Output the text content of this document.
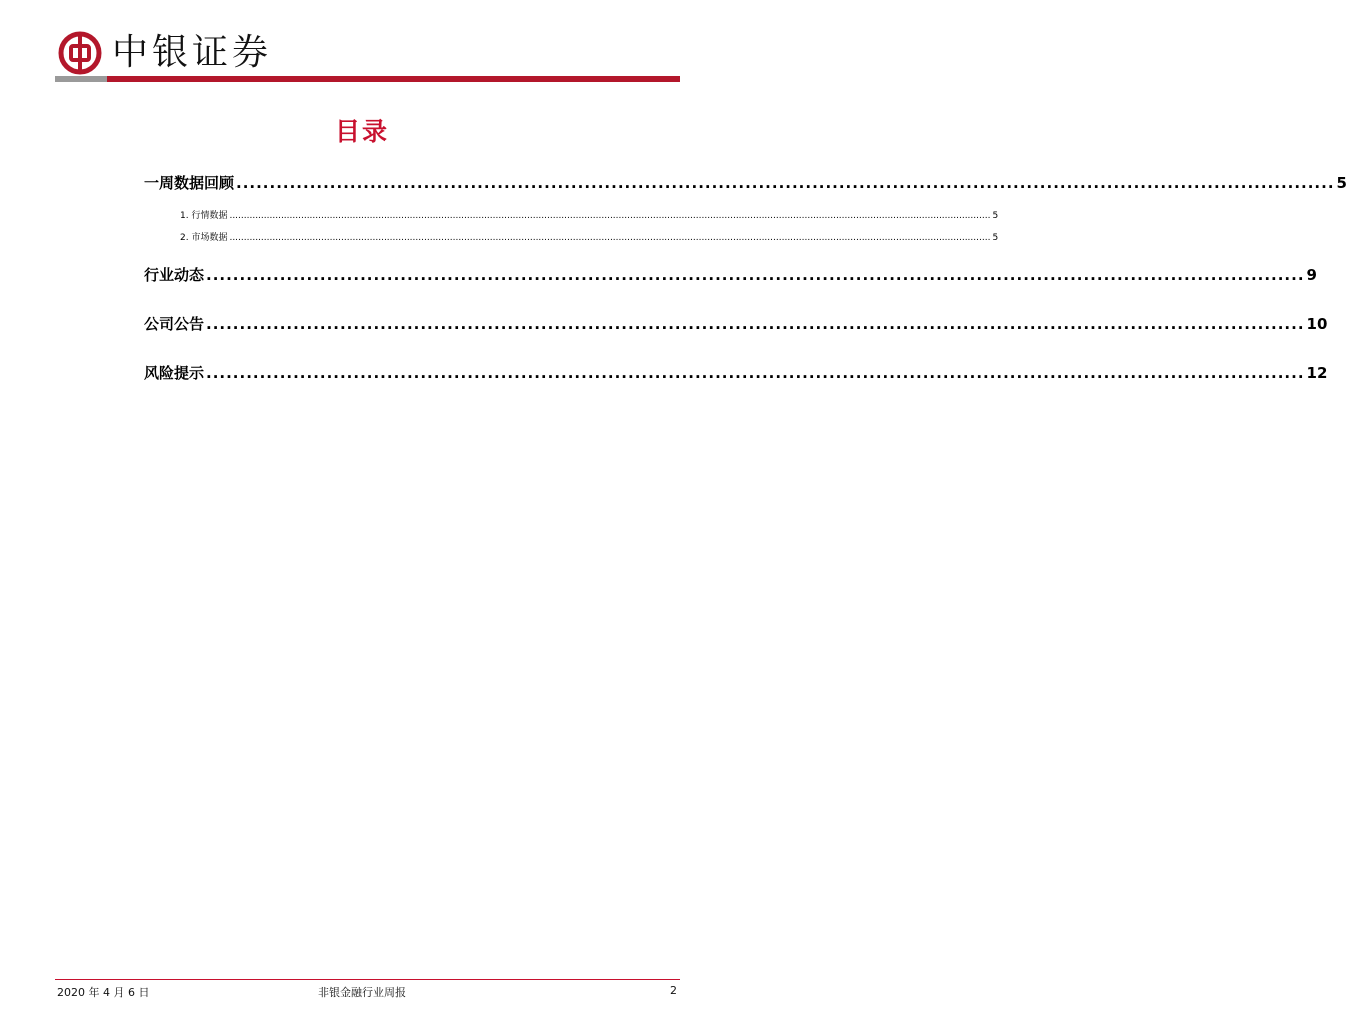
中银证券
目录
一周数据回顾 .................................................................................................................................................................... 5
1. 行情数据 .......................................................................................................................................................................................................................................................................... 5
2. 市场数据 .......................................................................................................................................................................................................................................................................... 5
行业动态 .................................................................................................................................................................... 9
公司公告 .................................................................................................................................................................... 10
风险提示 .................................................................................................................................................................... 12
2020 年 4 月 6 日	非银金融行业周报	2
